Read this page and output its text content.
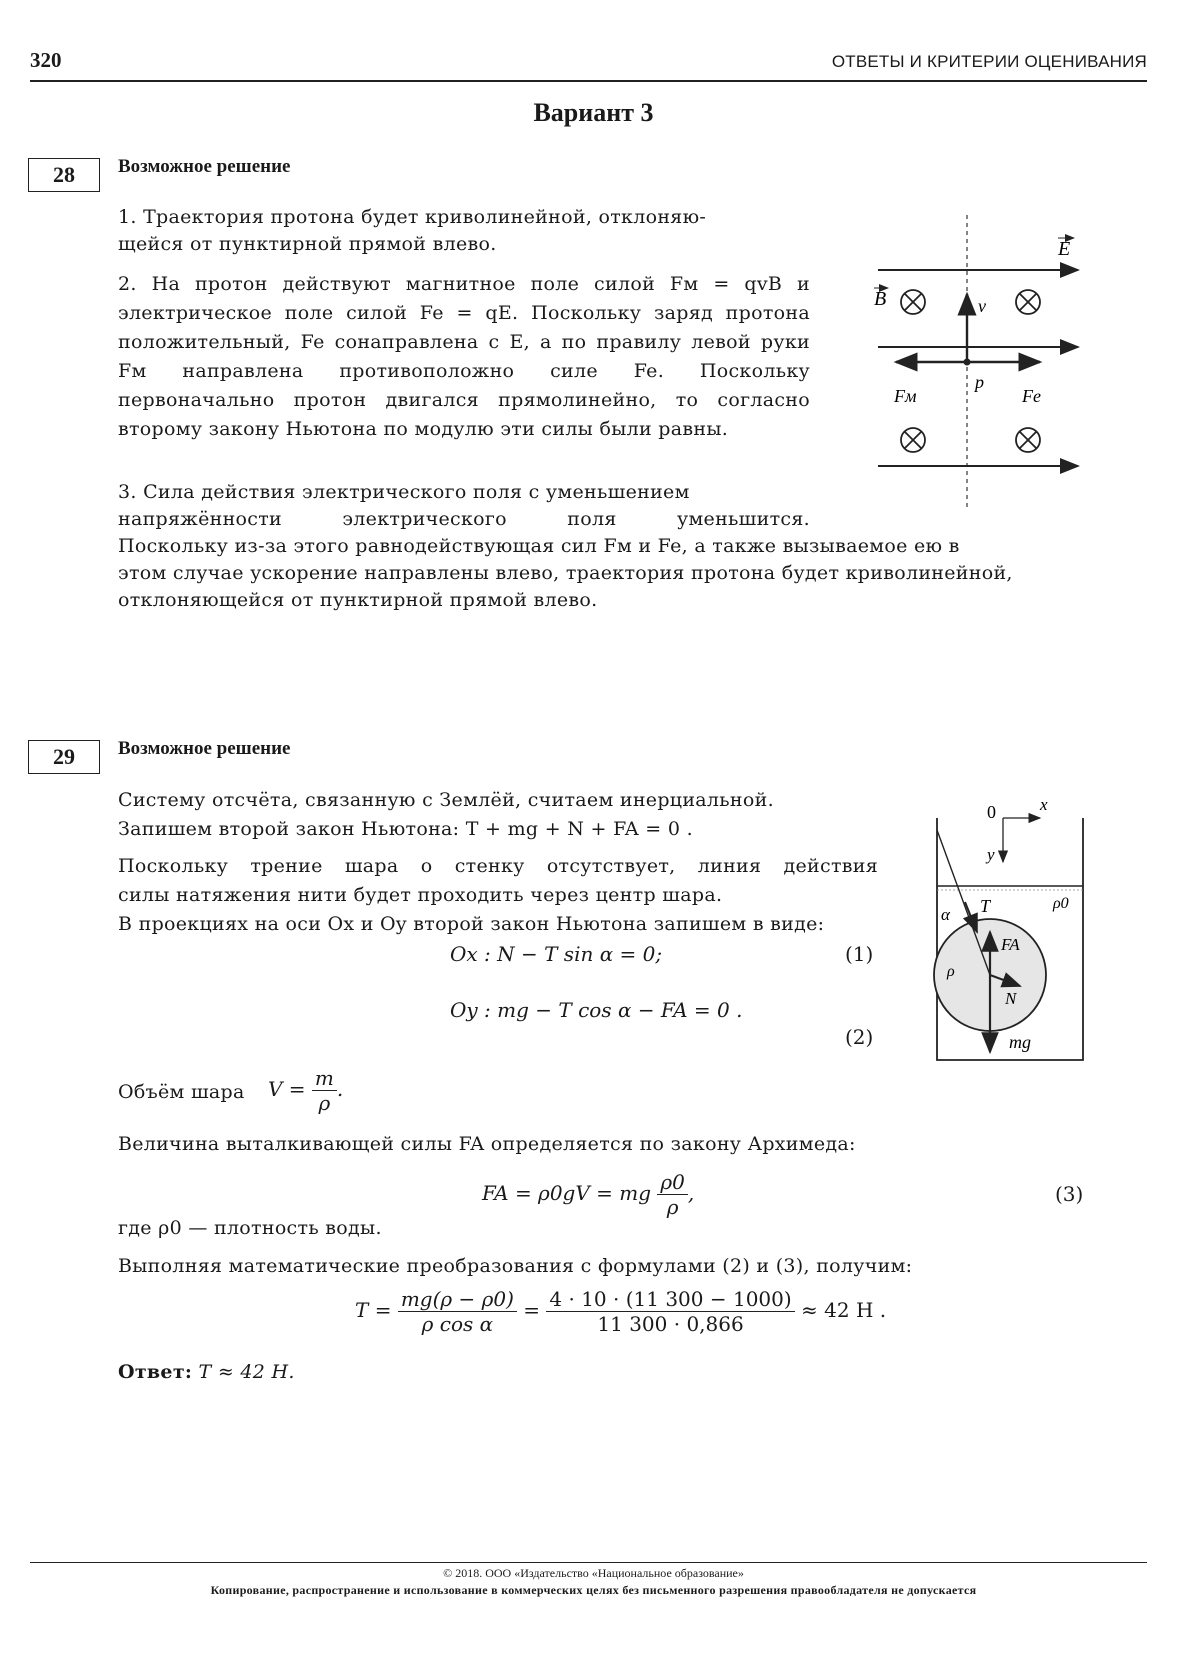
320	ОТВЕТЫ И КРИТЕРИИ ОЦЕНИВАНИЯ
Вариант 3
28	Возможное решение
1. Траектория протона будет криволинейной, отклоняю-
щейся от пунктирной прямой влево.
2. На протон действуют магнитное поле силой Fм = qvB и электрическое поле силой Fe = qE. Поскольку заряд протона положительный, Fe сонаправлена с E, а по правилу левой руки Fм направлена противоположно силе Fe. Поскольку первоначально протон двигался прямолинейно, то согласно второму закону Ньютона по модулю эти силы были равны.
3. Сила действия электрического поля с уменьшением
напряжённости электрического поля уменьшится.
Поскольку из-за этого равнодействующая сил Fм и Fe, а также вызываемое ею в
этом случае ускорение направлены влево, траектория протона будет криволинейной,
отклоняющейся от пунктирной прямой влево.
E
B	v
p
Fм	Fe
29	Возможное решение
Систему отсчёта, связанную с Землёй, считаем инерциальной.
Запишем второй закон Ньютона: T + mg + N + FA = 0 .
Поскольку трение шара о стенку отсутствует, линия действия
силы натяжения нити будет проходить через центр шара.
В проекциях на оси Ox и Oy второй закон Ньютона запишем в виде:
Ox : N − T sin α = 0;	(1)
Oy : mg − T cos α − FA = 0 .
(2)
0	x
y
α T	ρ0
FA
ρ
N
mg
Объём шара $V = \frac{m}{\rho}$ .
Величина выталкивающей силы FA определяется по закону Архимеда:
FA = ρ0gV = mg $\frac{\rho 0}{\rho}$ ,	(3)
где ρ0 — плотность воды.
Выполняя математические преобразования с формулами (2) и (3), получим:
$T = \frac{mg(\rho - \rho 0)}{\text{ρ cos α}} = \frac{4 \cdot 10 \cdot (11 300 - 1000)}{11 300 \cdot 0,866} \approx 42$ Н .
Ответ: T ≈ 42 Н.
© 2018. ООО «Издательство «Национальное образование»
Копирование, распространение и использование в коммерческих целях без письменного разрешения правообладателя не допускается
